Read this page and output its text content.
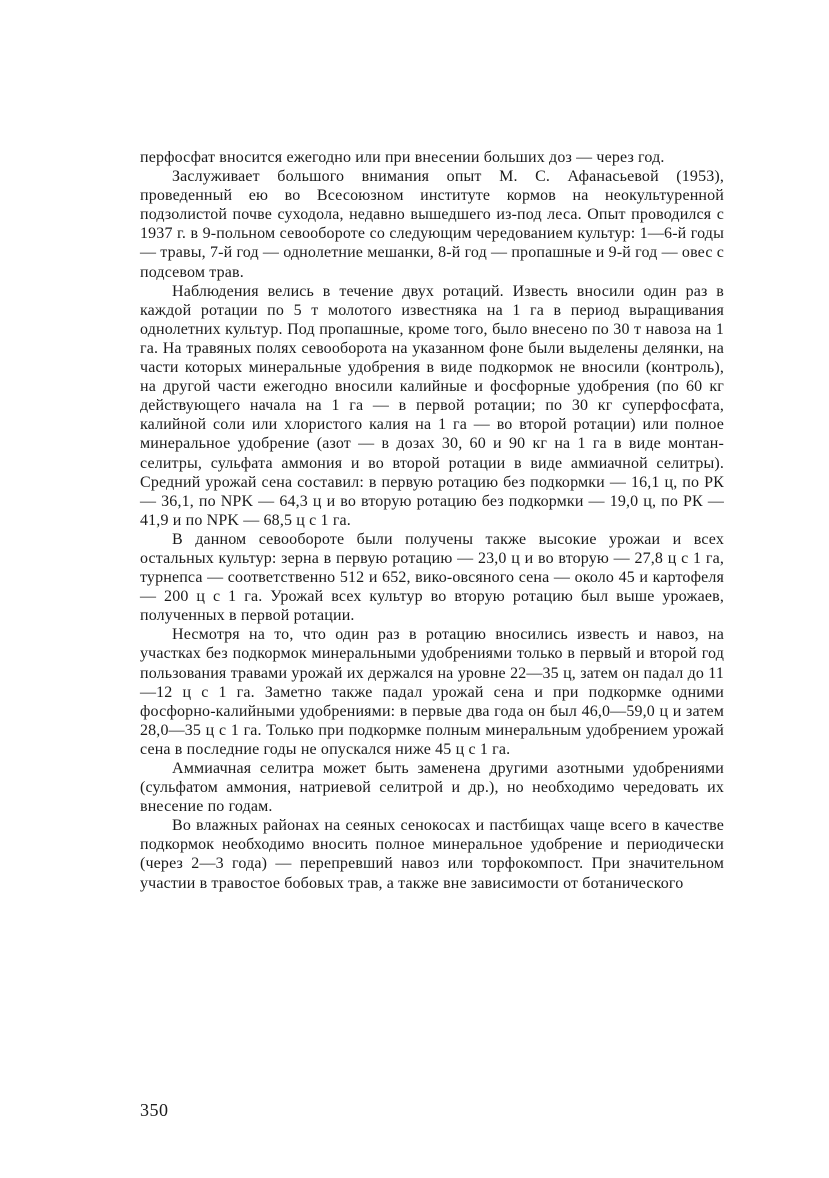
перфосфат вносится ежегодно или при внесении больших доз — через год.

Заслуживает большого внимания опыт М. С. Афанасьевой (1953), проведенный ею во Всесоюзном институте кормов на неокультуренной подзолистой почве суходола, недавно вышедшего из-под леса. Опыт проводился с 1937 г. в 9-польном севообороте со следующим чередованием культур: 1—6-й годы — травы, 7-й год — однолетние мешанки, 8-й год — пропашные и 9-й год — овес с подсевом трав.

Наблюдения велись в течение двух ротаций. Известь вносили один раз в каждой ротации по 5 т молотого известняка на 1 га в период выращивания однолетних культур. Под пропашные, кроме того, было внесено по 30 т навоза на 1 га. На травяных полях севооборота на указанном фоне были выделены делянки, на части которых минеральные удобрения в виде подкормок не вносили (контроль), на другой части ежегодно вносили калийные и фосфорные удобрения (по 60 кг действующего начала на 1 га — в первой ротации; по 30 кг суперфосфата, калийной соли или хлористого калия на 1 га — во второй ротации) или полное минеральное удобрение (азот — в дозах 30, 60 и 90 кг на 1 га в виде монтан-селитры, сульфата аммония и во второй ротации в виде аммиачной селитры). Средний урожай сена составил: в первую ротацию без подкормки — 16,1 ц, по РК — 36,1, по NPK — 64,3 ц и во вторую ротацию без подкормки — 19,0 ц, по РК — 41,9 и по NPK — 68,5 ц с 1 га.

В данном севообороте были получены также высокие урожаи и всех остальных культур: зерна в первую ротацию — 23,0 ц и во вторую — 27,8 ц с 1 га, турнепса — соответственно 512 и 652, вико-овсяного сена — около 45 и картофеля — 200 ц с 1 га. Урожай всех культур во вторую ротацию был выше урожаев, полученных в первой ротации.

Несмотря на то, что один раз в ротацию вносились известь и навоз, на участках без подкормок минеральными удобрениями только в первый и второй год пользования травами урожай их держался на уровне 22—35 ц, затем он падал до 11—12 ц с 1 га. Заметно также падал урожай сена и при подкормке одними фосфорно-калийными удобрениями: в первые два года он был 46,0—59,0 ц и затем 28,0—35 ц с 1 га. Только при подкормке полным минеральным удобрением урожай сена в последние годы не опускался ниже 45 ц с 1 га.

Аммиачная селитра может быть заменена другими азотными удобрениями (сульфатом аммония, натриевой селитрой и др.), но необходимо чередовать их внесение по годам.

Во влажных районах на сеяных сенокосах и пастбищах чаще всего в качестве подкормок необходимо вносить полное минеральное удобрение и периодически (через 2—3 года) — перепревший навоз или торфокомпост. При значительном участии в травостое бобовых трав, а также вне зависимости от ботанического

350
